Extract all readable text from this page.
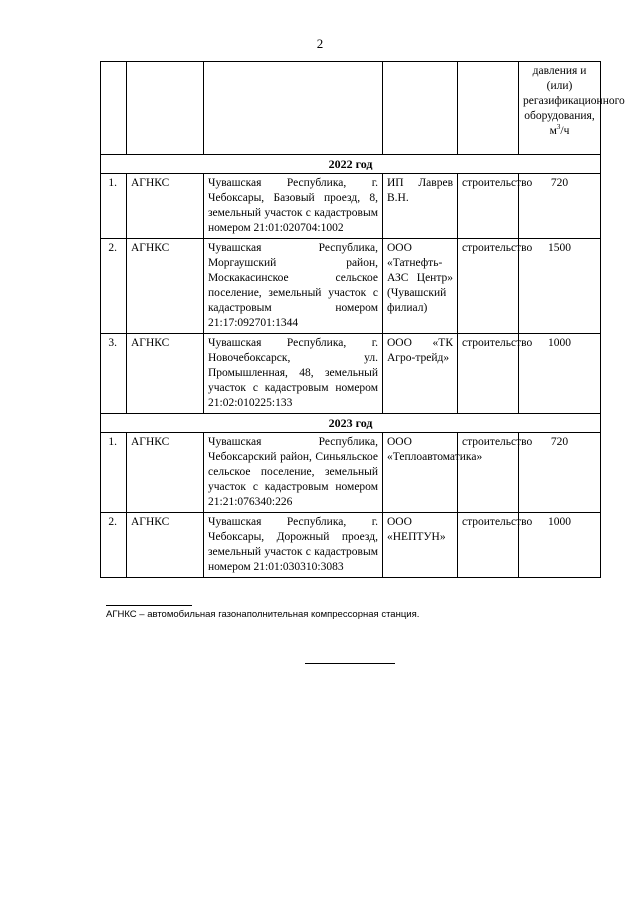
2
					давления и (или) регазификационного оборудования, $м^3/ч$
2022 год					
1.	АГНКС	Чувашская Республика, г. Чебоксары, Базовый проезд, 8, земельный участок с кадастровым номером 21:01:020704:1002	ИП Лаврев В.Н.	строительство	720
2.	АГНКС	Чувашская Республика, Моргаушский район, Москакасинское сельское поселение, земельный участок с кадастровым номером 21:17:092701:1344	ООО «Татнефть-АЗС Центр» (Чувашский филиал)	строительство	1500
3.	АГНКС	Чувашская Республика, г. Новочебоксарск, ул. Промышленная, 48, земельный участок с кадастровым номером 21:02:010225:133	ООО «ТК Агро-трейд»	строительство	1000
2023 год					
1.	АГНКС	Чувашская Республика, Чебоксарский район, Синьяльское сельское поселение, земельный участок с кадастровым номером 21:21:076340:226	ООО «Теплоавтоматика»	строительство	720
2.	АГНКС	Чувашская Республика, г. Чебоксары, Дорожный проезд, земельный участок с кадастровым номером 21:01:030310:3083	ООО «НЕПТУН»	строительство	1000
АГНКС – автомобильная газонаполнительная компрессорная станция.
